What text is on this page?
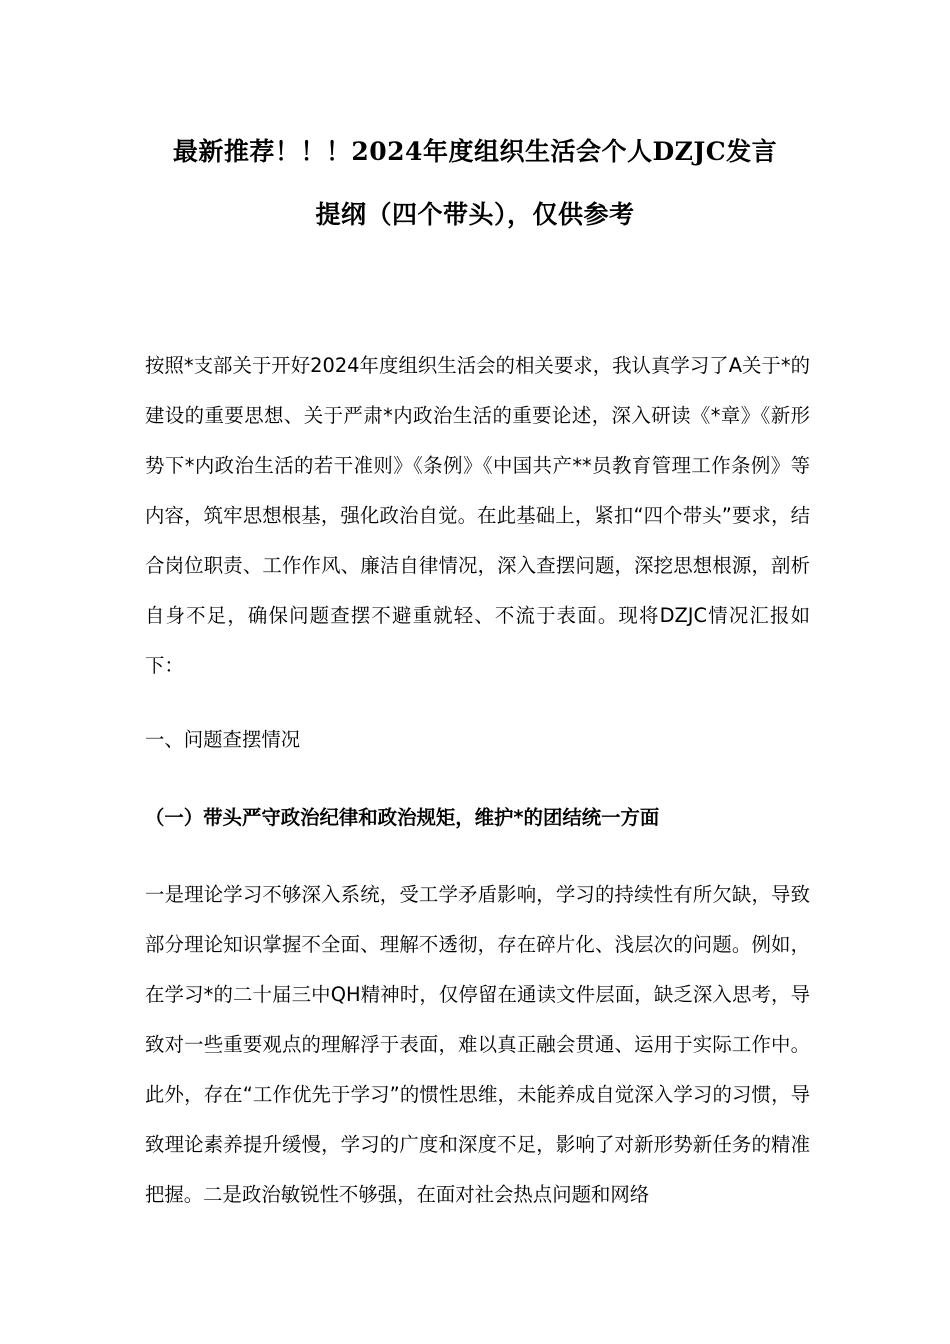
最新推荐！！！2024年度组织生活会个人DZJC发言
提纲（四个带头），仅供参考

按照*支部关于开好2024年度组织生活会的相关要求，我认真学习了A关于*的建设的重要思想、关于严肃*内政治生活的重要论述，深入研读《*章》《新形势下*内政治生活的若干准则》《条例》《中国共产**员教育管理工作条例》等内容，筑牢思想根基，强化政治自觉。在此基础上，紧扣“四个带头”要求，结合岗位职责、工作作风、廉洁自律情况，深入查摆问题，深挖思想根源，剖析自身不足，确保问题查摆不避重就轻、不流于表面。现将DZJC情况汇报如下：

一、问题查摆情况

（一）带头严守政治纪律和政治规矩，维护*的团结统一方面

一是理论学习不够深入系统，受工学矛盾影响，学习的持续性有所欠缺，导致部分理论知识掌握不全面、理解不透彻，存在碎片化、浅层次的问题。例如，在学习*的二十届三中QH精神时，仅停留在通读文件层面，缺乏深入思考，导致对一些重要观点的理解浮于表面，难以真正融会贯通、运用于实际工作中。此外，存在“工作优先于学习”的惯性思维，未能养成自觉深入学习的习惯，导致理论素养提升缓慢，学习的广度和深度不足，影响了对新形势新任务的精准把握。二是政治敏锐性不够强，在面对社会热点问题和网络
